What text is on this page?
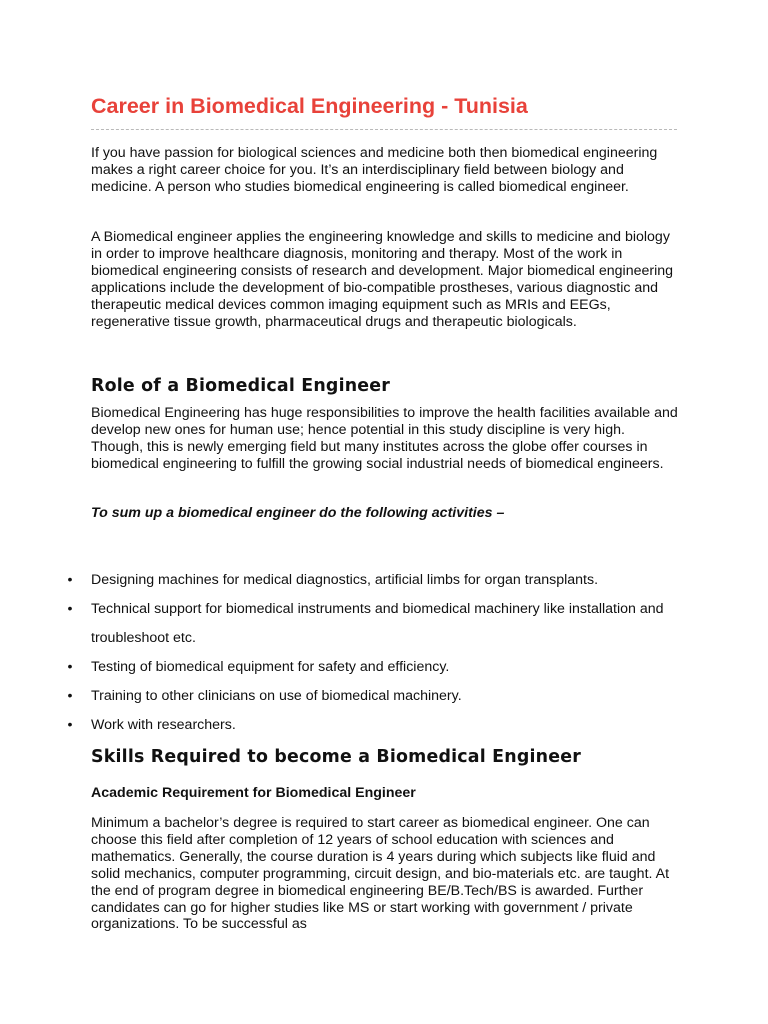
Career in Biomedical Engineering - Tunisia

If you have passion for biological sciences and medicine both then biomedical engineering makes a right career choice for you. It’s an interdisciplinary field between biology and medicine. A person who studies biomedical engineering is called biomedical engineer.

A Biomedical engineer applies the engineering knowledge and skills to medicine and biology in order to improve healthcare diagnosis, monitoring and therapy. Most of the work in biomedical engineering consists of research and development. Major biomedical engineering applications include the development of bio-compatible prostheses, various diagnostic and therapeutic medical devices common imaging equipment such as MRIs and EEGs, regenerative tissue growth, pharmaceutical drugs and therapeutic biologicals.

Role of a Biomedical Engineer

Biomedical Engineering has huge responsibilities to improve the health facilities available and develop new ones for human use; hence potential in this study discipline is very high. Though, this is newly emerging field but many institutes across the globe offer courses in biomedical engineering to fulfill the growing social industrial needs of biomedical engineers.

To sum up a biomedical engineer do the following activities –

•	Designing machines for medical diagnostics, artificial limbs for organ transplants.
•	Technical support for biomedical instruments and biomedical machinery like installation and troubleshoot etc.
•	Testing of biomedical equipment for safety and efficiency.
•	Training to other clinicians on use of biomedical machinery.
•	Work with researchers.
Skills Required to become a Biomedical Engineer
Academic Requirement for Biomedical Engineer

Minimum a bachelor’s degree is required to start career as biomedical engineer. One can choose this field after completion of 12 years of school education with sciences and mathematics. Generally, the course duration is 4 years during which subjects like fluid and solid mechanics, computer programming, circuit design, and bio-materials etc. are taught. At the end of program degree in biomedical engineering BE/B.Tech/BS is awarded. Further candidates can go for higher studies like MS or start working with government / private organizations. To be successful as
